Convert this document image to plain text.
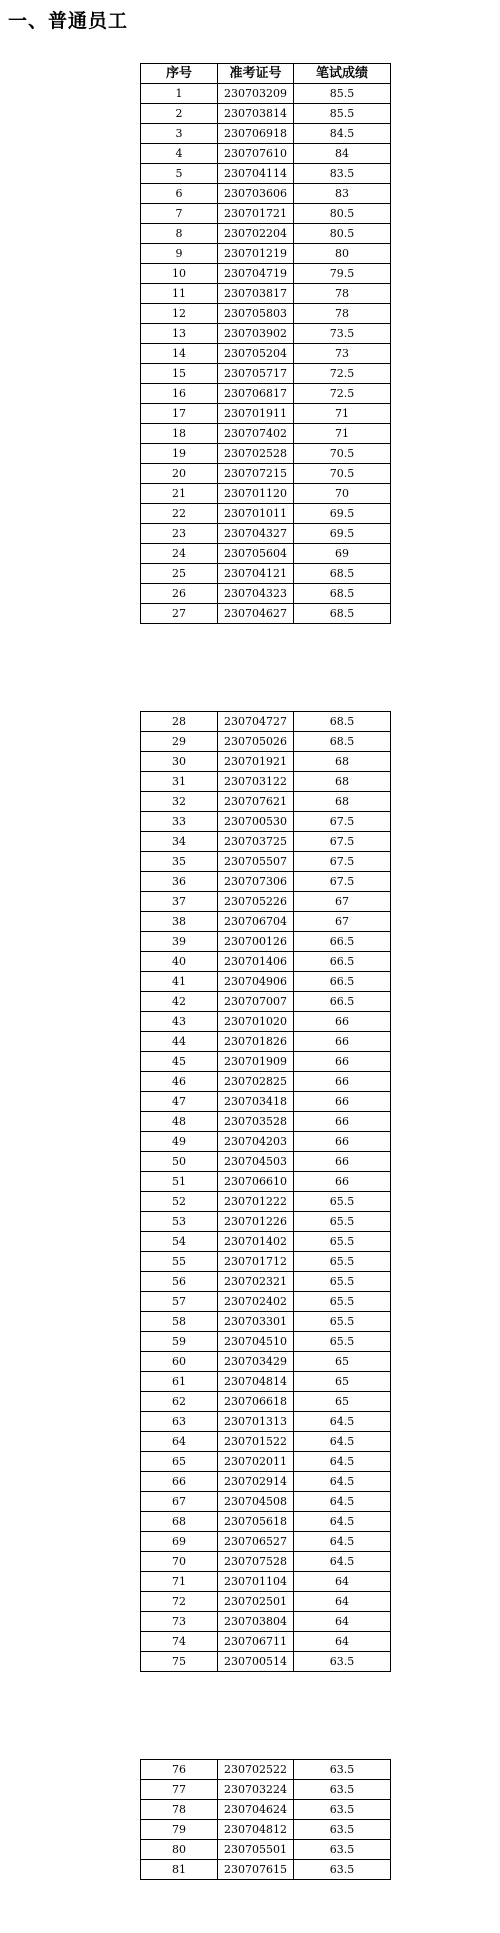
一、普通员工
序号	准考证号	笔试成绩
1	230703209	85.5
2	230703814	85.5
3	230706918	84.5
4	230707610	84
5	230704114	83.5
6	230703606	83
7	230701721	80.5
8	230702204	80.5
9	230701219	80
10	230704719	79.5
11	230703817	78
12	230705803	78
13	230703902	73.5
14	230705204	73
15	230705717	72.5
16	230706817	72.5
17	230701911	71
18	230707402	71
19	230702528	70.5
20	230707215	70.5
21	230701120	70
22	230701011	69.5
23	230704327	69.5
24	230705604	69
25	230704121	68.5
26	230704323	68.5
27	230704627	68.5
28	230704727	68.5
29	230705026	68.5
30	230701921	68
31	230703122	68
32	230707621	68
33	230700530	67.5
34	230703725	67.5
35	230705507	67.5
36	230707306	67.5
37	230705226	67
38	230706704	67
39	230700126	66.5
40	230701406	66.5
41	230704906	66.5
42	230707007	66.5
43	230701020	66
44	230701826	66
45	230701909	66
46	230702825	66
47	230703418	66
48	230703528	66
49	230704203	66
50	230704503	66
51	230706610	66
52	230701222	65.5
53	230701226	65.5
54	230701402	65.5
55	230701712	65.5
56	230702321	65.5
57	230702402	65.5
58	230703301	65.5
59	230704510	65.5
60	230703429	65
61	230704814	65
62	230706618	65
63	230701313	64.5
64	230701522	64.5
65	230702011	64.5
66	230702914	64.5
67	230704508	64.5
68	230705618	64.5
69	230706527	64.5
70	230707528	64.5
71	230701104	64
72	230702501	64
73	230703804	64
74	230706711	64
75	230700514	63.5
76	230702522	63.5
77	230703224	63.5
78	230704624	63.5
79	230704812	63.5
80	230705501	63.5
81	230707615	63.5
